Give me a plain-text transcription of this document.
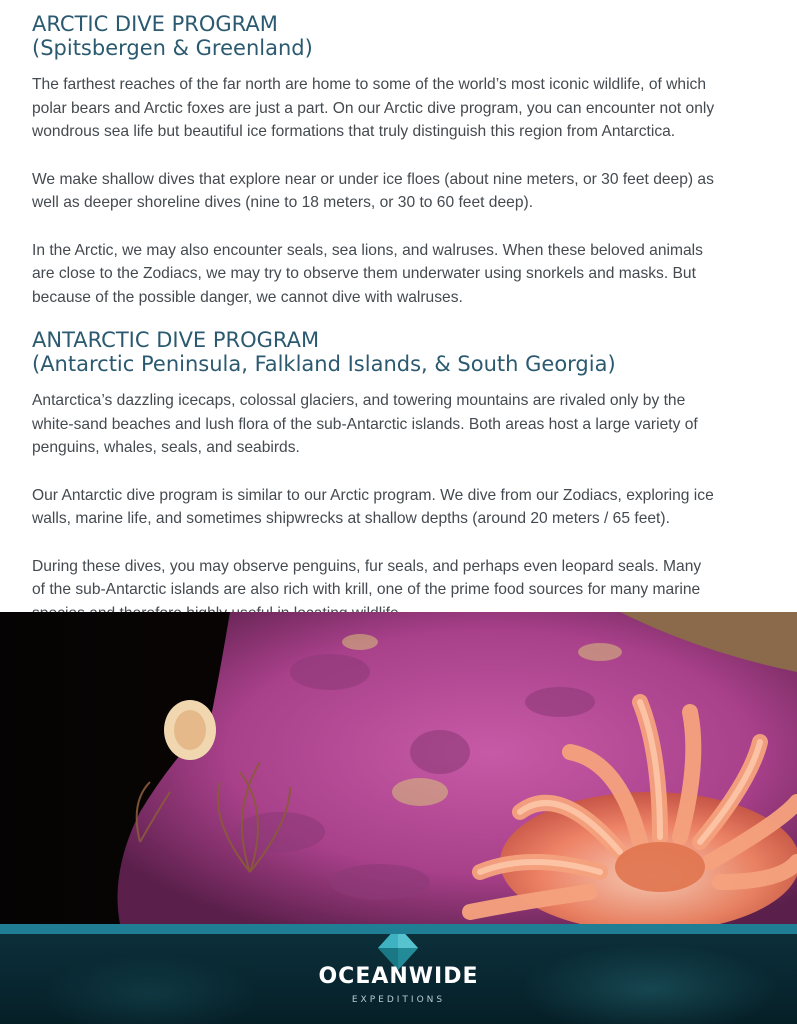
ARCTIC DIVE PROGRAM
(Spitsbergen & Greenland)

The farthest reaches of the far north are home to some of the world’s most iconic wildlife, of which
polar bears and Arctic foxes are just a part. On our Arctic dive program, you can encounter not only
wondrous sea life but beautiful ice formations that truly distinguish this region from Antarctica.

We make shallow dives that explore near or under ice floes (about nine meters, or 30 feet deep) as
well as deeper shoreline dives (nine to 18 meters, or 30 to 60 feet deep).

In the Arctic, we may also encounter seals, sea lions, and walruses. When these beloved animals
are close to the Zodiacs, we may try to observe them underwater using snorkels and masks. But
because of the possible danger, we cannot dive with walruses.

ANTARCTIC DIVE PROGRAM
(Antarctic Peninsula, Falkland Islands, & South Georgia)

Antarctica’s dazzling icecaps, colossal glaciers, and towering mountains are rivaled only by the
white-sand beaches and lush flora of the sub-Antarctic islands. Both areas host a large variety of
penguins, whales, seals, and seabirds.

Our Antarctic dive program is similar to our Arctic program. We dive from our Zodiacs, exploring ice
walls, marine life, and sometimes shipwrecks at shallow depths (around 20 meters / 65 feet).

During these dives, you may observe penguins, fur seals, and perhaps even leopard seals. Many
of the sub-Antarctic islands are also rich with krill, one of the prime food sources for many marine

OCEANWIDE
EXPEDITIONS
